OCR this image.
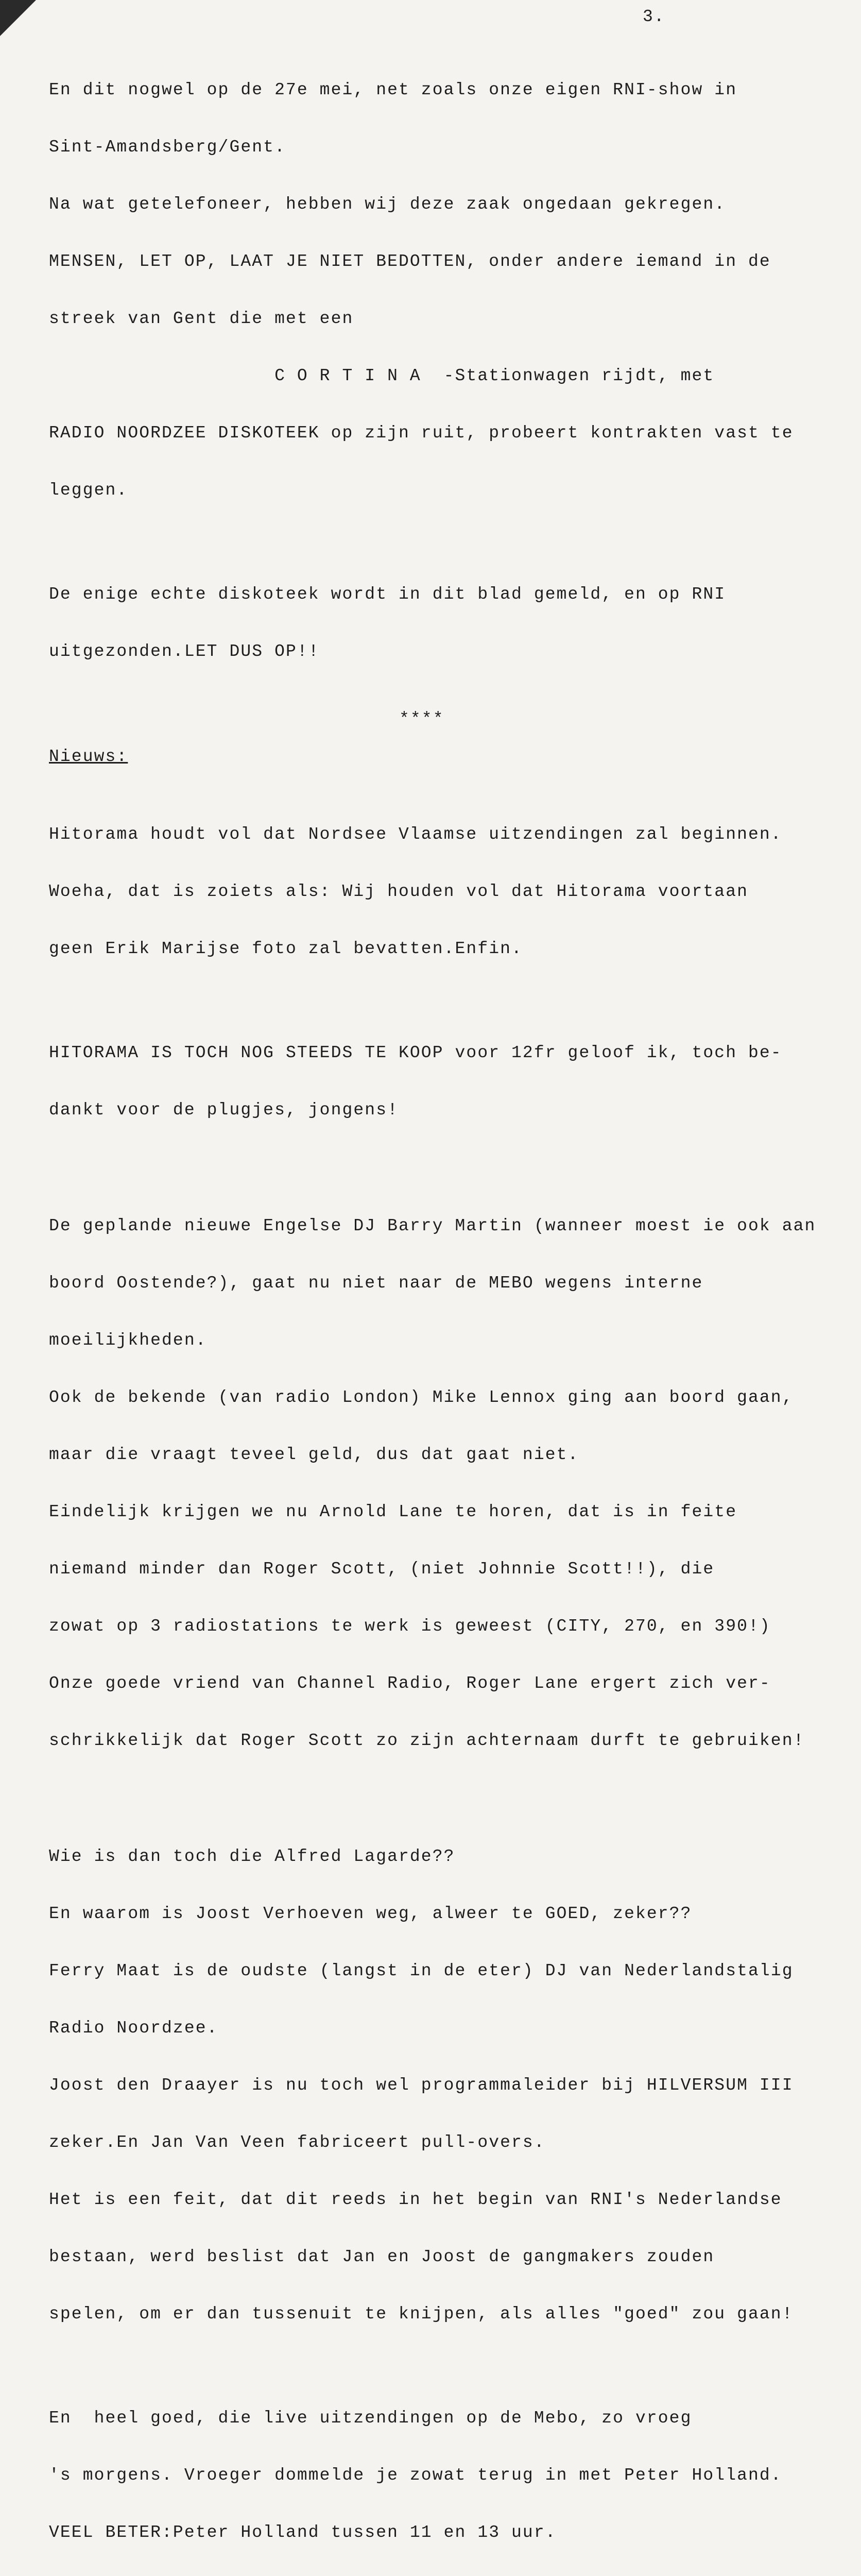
3.

En dit nogwel op de 27e mei, net zoals onze eigen RNI-show in

Sint-Amandsberg/Gent.

Na wat getelefoneer, hebben wij deze zaak ongedaan gekregen.

MENSEN, LET OP, LAAT JE NIET BEDOTTEN, onder andere iemand in de

streek van Gent die met een

C O R T I N A  -Stationwagen rijdt, met

RADIO NOORDZEE DISKOTEEK op zijn ruit, probeert kontrakten vast te

leggen.

De enige echte diskoteek wordt in dit blad gemeld, en op RNI

uitgezonden.LET DUS OP!!

****

Nieuws:

Hitorama houdt vol dat Nordsee Vlaamse uitzendingen zal beginnen.

Woeha, dat is zoiets als: Wij houden vol dat Hitorama voortaan

geen Erik Marijse foto zal bevatten.Enfin.

HITORAMA IS TOCH NOG STEEDS TE KOOP voor 12fr geloof ik, toch be-

dankt voor de plugjes, jongens!

De geplande nieuwe Engelse DJ Barry Martin (wanneer moest ie ook aan

boord Oostende?), gaat nu niet naar de MEBO wegens interne

moeilijkheden.

Ook de bekende (van radio London) Mike Lennox ging aan boord gaan,

maar die vraagt teveel geld, dus dat gaat niet.

Eindelijk krijgen we nu Arnold Lane te horen, dat is in feite

niemand minder dan Roger Scott, (niet Johnnie Scott!!), die

zowat op 3 radiostations te werk is geweest (CITY, 270, en 390!)

Onze goede vriend van Channel Radio, Roger Lane ergert zich ver-

schrikkelijk dat Roger Scott zo zijn achternaam durft te gebruiken!

Wie is dan toch die Alfred Lagarde??

En waarom is Joost Verhoeven weg, alweer te GOED, zeker??

Ferry Maat is de oudste (langst in de eter) DJ van Nederlandstalig

Radio Noordzee.

Joost den Draayer is nu toch wel programmaleider bij HILVERSUM III

zeker.En Jan Van Veen fabriceert pull-overs.

Het is een feit, dat dit reeds in het begin van RNI's Nederlandse

bestaan, werd beslist dat Jan en Joost de gangmakers zouden

spelen, om er dan tussenuit te knijpen, als alles "goed" zou gaan!

En  heel goed, die live uitzendingen op de Mebo, zo vroeg

's morgens. Vroeger dommelde je zowat terug in met Peter Holland.

VEEL BETER:Peter Holland tussen 11 en 13 uur.
